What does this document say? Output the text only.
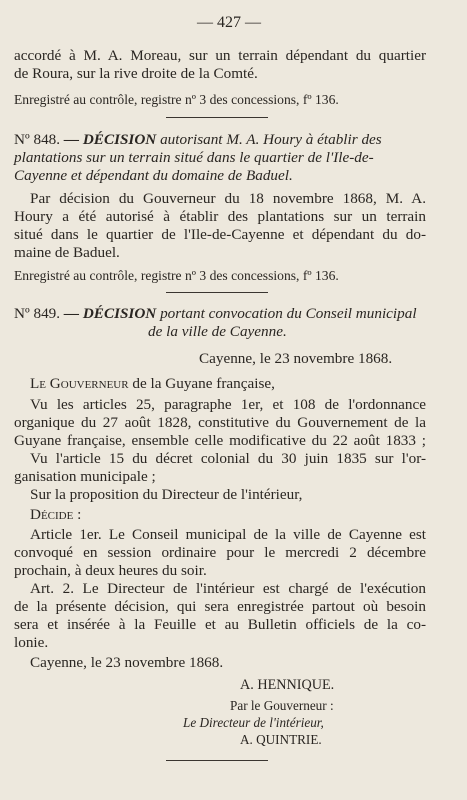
— 427 —
accordé à M. A. Moreau, sur un terrain dépendant du quartier
de Roura, sur la rive droite de la Comté.
Enregistré au contrôle, registre nº 3 des concessions, fº 136.
Nº 848. — DÉCISION autorisant M. A. Houry à établir des
plantations sur un terrain situé dans le quartier de l'Ile-de-
Cayenne et dépendant du domaine de Baduel.
Par décision du Gouverneur du 18 novembre 1868, M. A.
Houry a été autorisé à établir des plantations sur un terrain
situé dans le quartier de l'Ile-de-Cayenne et dépendant du do-
maine de Baduel.
Enregistré au contrôle, registre nº 3 des concessions, fº 136.
Nº 849. — DÉCISION portant convocation du Conseil municipal
de la ville de Cayenne.
Cayenne, le 23 novembre 1868.
Le Gouverneur de la Guyane française,
Vu les articles 25, paragraphe 1er, et 108 de l'ordonnance
organique du 27 août 1828, constitutive du Gouvernement de la
Guyane française, ensemble celle modificative du 22 août 1833 ;
Vu l'article 15 du décret colonial du 30 juin 1835 sur l'or-
ganisation municipale ;
Sur la proposition du Directeur de l'intérieur,
Décide :
Article 1er. Le Conseil municipal de la ville de Cayenne est
convoqué en session ordinaire pour le mercredi 2 décembre
prochain, à deux heures du soir.
Art. 2. Le Directeur de l'intérieur est chargé de l'exécution
de la présente décision, qui sera enregistrée partout où besoin
sera et insérée à la Feuille et au Bulletin officiels de la co-
lonie.
Cayenne, le 23 novembre 1868.
A. HENNIQUE.
Par le Gouverneur :
Le Directeur de l'intérieur,
A. QUINTRIE.
